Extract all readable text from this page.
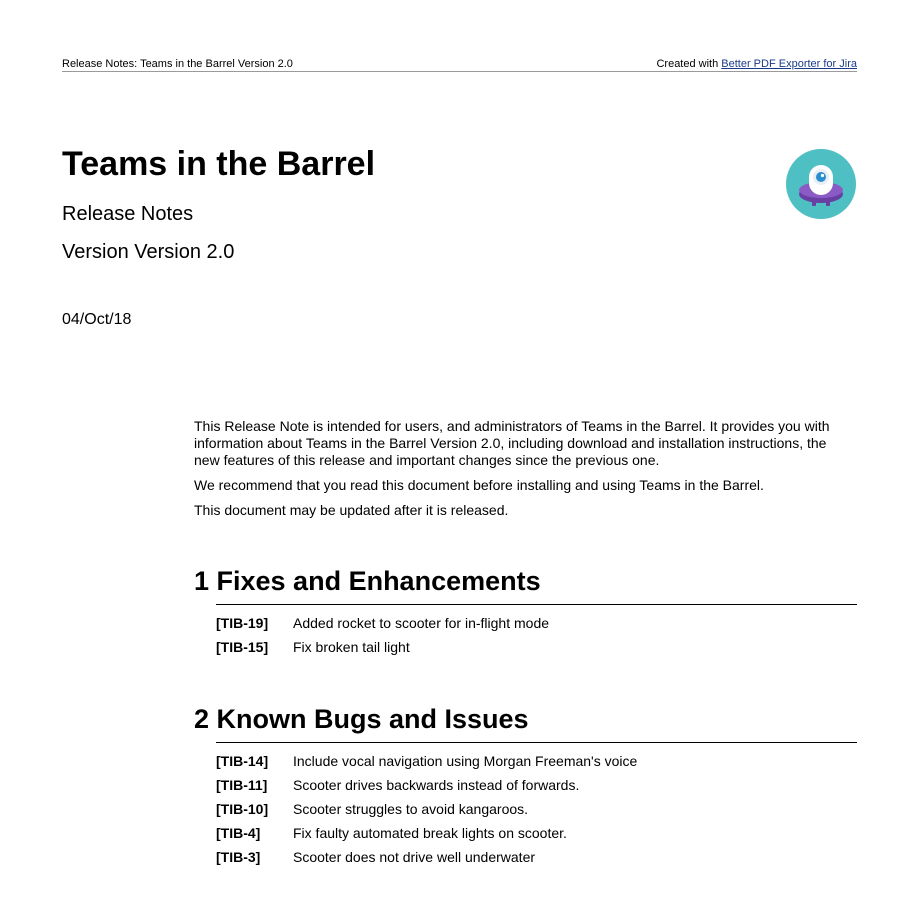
Release Notes: Teams in the Barrel Version 2.0	Created with Better PDF Exporter for Jira
Teams in the Barrel
Release Notes
Version Version 2.0
04/Oct/18

This Release Note is intended for users, and administrators of Teams in the Barrel. It provides you with information about Teams in the Barrel Version 2.0, including download and installation instructions, the new features of this release and important changes since the previous one.

We recommend that you read this document before installing and using Teams in the Barrel.

This document may be updated after it is released.

1 Fixes and Enhancements
[TIB-19]	Added rocket to scooter for in-flight mode
[TIB-15]	Fix broken tail light
2 Known Bugs and Issues
[TIB-14]	Include vocal navigation using Morgan Freeman's voice
[TIB-11]	Scooter drives backwards instead of forwards.
[TIB-10]	Scooter struggles to avoid kangaroos.
[TIB-4]	Fix faulty automated break lights on scooter.
[TIB-3]	Scooter does not drive well underwater
